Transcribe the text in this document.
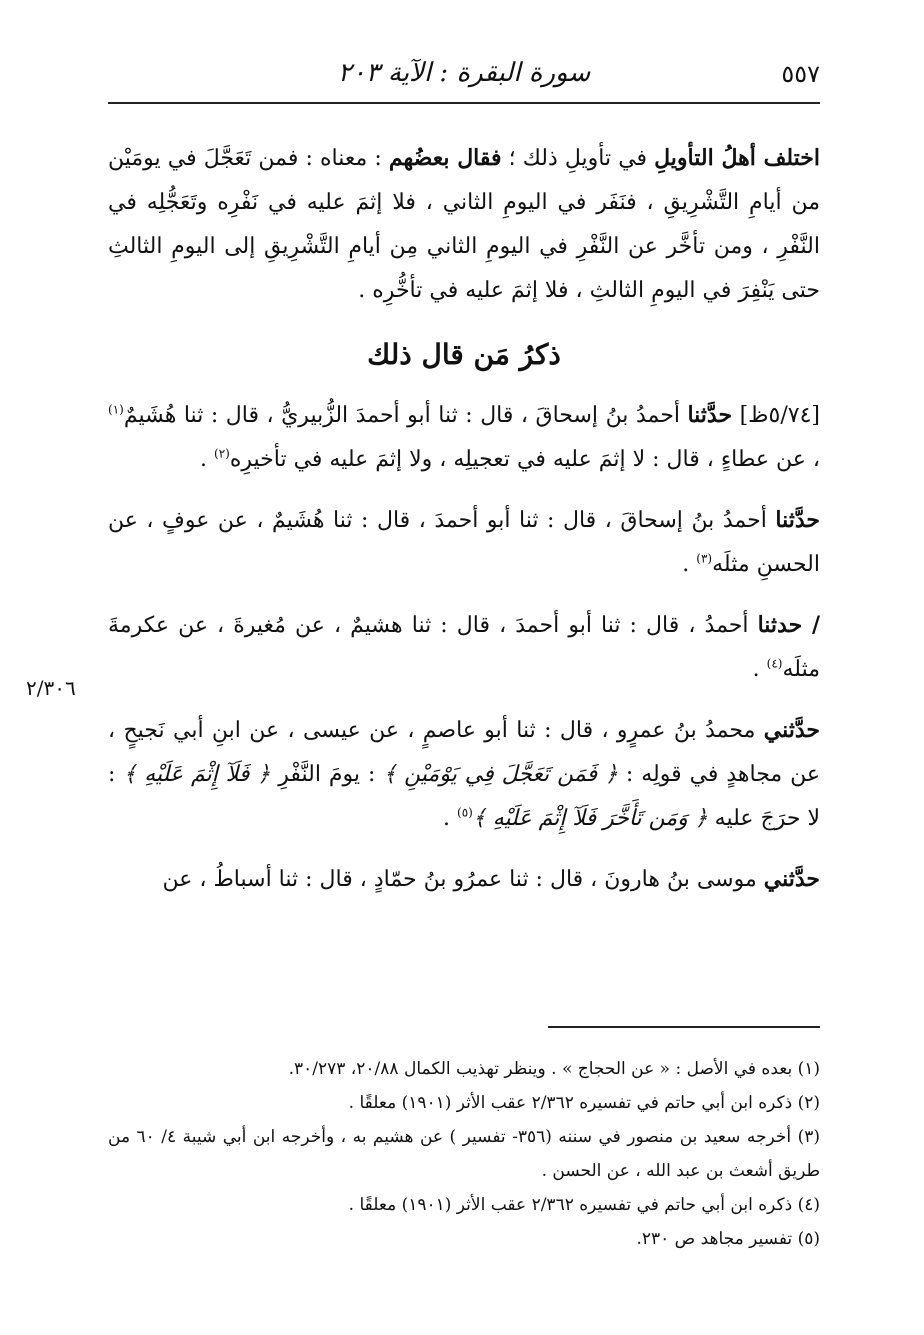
٥٥٧
سورة البقرة : الآية ٢٠٣

اختلف أهلُ التأويلِ في تأويلِ ذلك ؛ فقال بعضُهم : معناه : فمن تَعَجَّلَ في يومَيْن من أيامِ التَّشْرِيقِ ، فنَفَر في اليومِ الثاني ، فلا إثمَ عليه في نَفْرِه وتَعَجُّلِه في النَّفْرِ ، ومن تأخَّر عن النَّفْرِ في اليومِ الثاني مِن أيامِ التَّشْرِيقِ إلى اليومِ الثالثِ حتى يَنْفِرَ في اليومِ الثالثِ ، فلا إثمَ عليه في تأخُّرِه .

ذكرُ مَن قال ذلك

[٥/٧٤ظ] حدَّثنا أحمدُ بنُ إسحاقَ ، قال : ثنا أبو أحمدَ الزُّبيريُّ ، قال : ثنا هُشَيمٌ$^{(١)}$ ، عن عطاءٍ ، قال : لا إثمَ عليه في تعجيلِه ، ولا إثمَ عليه في تأخيرِه$^{(٢)}$ .

حدَّثنا أحمدُ بنُ إسحاقَ ، قال : ثنا أبو أحمدَ ، قال : ثنا هُشَيمٌ ، عن عوفٍ ، عن الحسنِ مثلَه$^{(٣)}$ .

/ حدثنا أحمدُ ، قال : ثنا أبو أحمدَ ، قال : ثنا هشيمٌ ، عن مُغيرةَ ، عن عكرمةَ مثلَه$^{(٤)}$ .

حدَّثني محمدُ بنُ عمرٍو ، قال : ثنا أبو عاصمٍ ، عن عيسى ، عن ابنِ أبي نَجيحٍ ، عن مجاهدٍ في قولِه : ﴿ فَمَن تَعَجَّلَ فِي يَوْمَيْنِ ﴾ : يومَ النَّفْرِ ﴿ فَلَآ إِثْمَ عَلَيْهِ ﴾ : لا حرَجَ عليه ﴿ وَمَن تَأَخَّرَ فَلَآ إِثْمَ عَلَيْهِ ﴾$^{(٥)}$ .

حدَّثني موسى بنُ هارونَ ، قال : ثنا عمرُو بنُ حمّادٍ ، قال : ثنا أسباطُ ، عن

٢/٣٠٦

(١) بعده في الأصل : « عن الحجاج » . وينظر تهذيب الكمال ٢٠/٨٨، ٣٠/٢٧٣.

(٢) ذكره ابن أبي حاتم في تفسيره ٢/٣٦٢ عقب الأثر (١٩٠١) معلقًا .

(٣) أخرجه سعيد بن منصور في سننه (٣٥٦- تفسير ) عن هشيم به ، وأخرجه ابن أبي شيبة ٤/ ٦٠ من طريق أشعث بن عبد الله ، عن الحسن .

(٤) ذكره ابن أبي حاتم في تفسيره ٢/٣٦٢ عقب الأثر (١٩٠١) معلقًا .

(٥) تفسير مجاهد ص ٢٣٠.
